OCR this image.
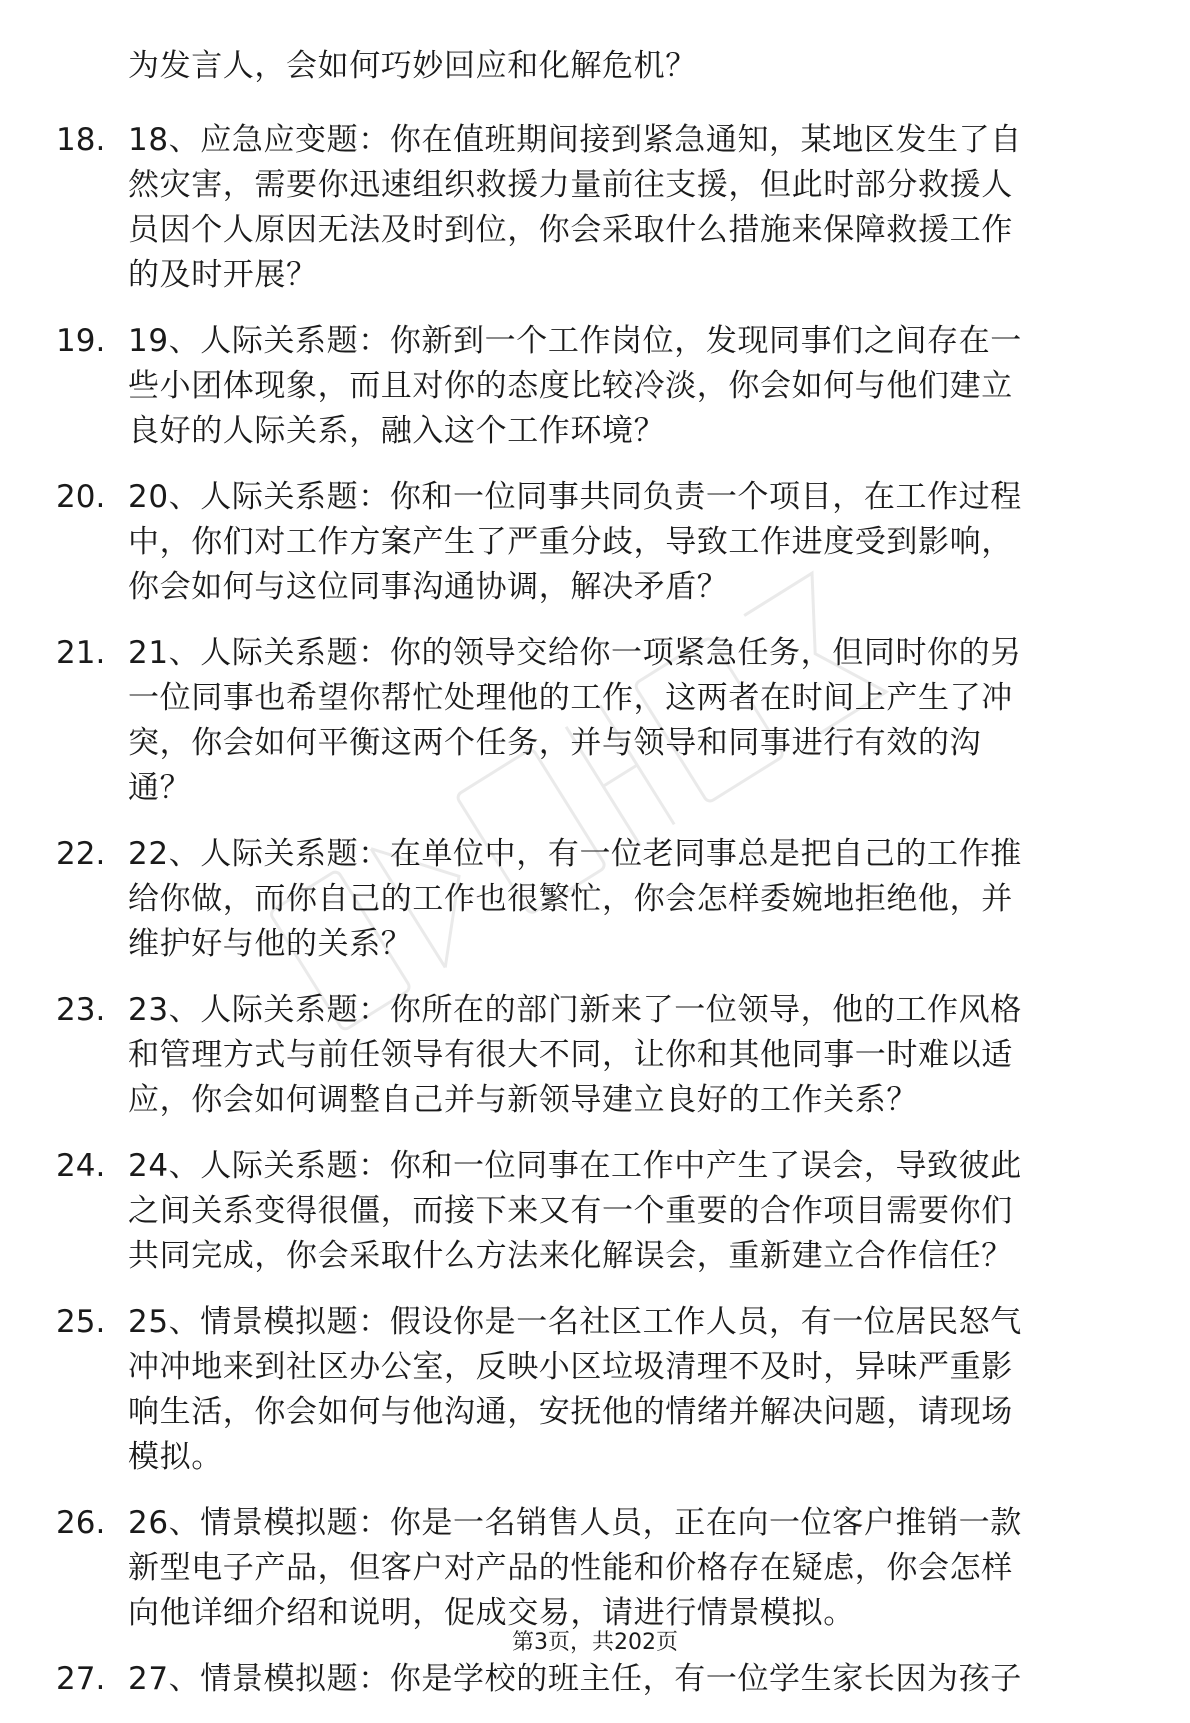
为发言人，会如何巧妙回应和化解危机？
18. 18、应急应变题：你在值班期间接到紧急通知，某地区发生了自
然灾害，需要你迅速组织救援力量前往支援，但此时部分救援人
员因个人原因无法及时到位，你会采取什么措施来保障救援工作
的及时开展？
19. 19、人际关系题：你新到一个工作岗位，发现同事们之间存在一
些小团体现象，而且对你的态度比较冷淡，你会如何与他们建立
良好的人际关系，融入这个工作环境？
20. 20、人际关系题：你和一位同事共同负责一个项目，在工作过程
中，你们对工作方案产生了严重分歧，导致工作进度受到影响，
你会如何与这位同事沟通协调，解决矛盾？
21. 21、人际关系题：你的领导交给你一项紧急任务，但同时你的另
一位同事也希望你帮忙处理他的工作，这两者在时间上产生了冲
突，你会如何平衡这两个任务，并与领导和同事进行有效的沟
通？
22. 22、人际关系题：在单位中，有一位老同事总是把自己的工作推
给你做，而你自己的工作也很繁忙，你会怎样委婉地拒绝他，并
维护好与他的关系？
23. 23、人际关系题：你所在的部门新来了一位领导，他的工作风格
和管理方式与前任领导有很大不同，让你和其他同事一时难以适
应，你会如何调整自己并与新领导建立良好的工作关系？
24. 24、人际关系题：你和一位同事在工作中产生了误会，导致彼此
之间关系变得很僵，而接下来又有一个重要的合作项目需要你们
共同完成，你会采取什么方法来化解误会，重新建立合作信任？
25. 25、情景模拟题：假设你是一名社区工作人员，有一位居民怒气
冲冲地来到社区办公室，反映小区垃圾清理不及时，异味严重影
响生活，你会如何与他沟通，安抚他的情绪并解决问题，请现场
模拟。
26. 26、情景模拟题：你是一名销售人员，正在向一位客户推销一款
新型电子产品，但客户对产品的性能和价格存在疑虑，你会怎样
向他详细介绍和说明，促成交易，请进行情景模拟。
27. 27、情景模拟题：你是学校的班主任，有一位学生家长因为孩子
第3页，共202页
